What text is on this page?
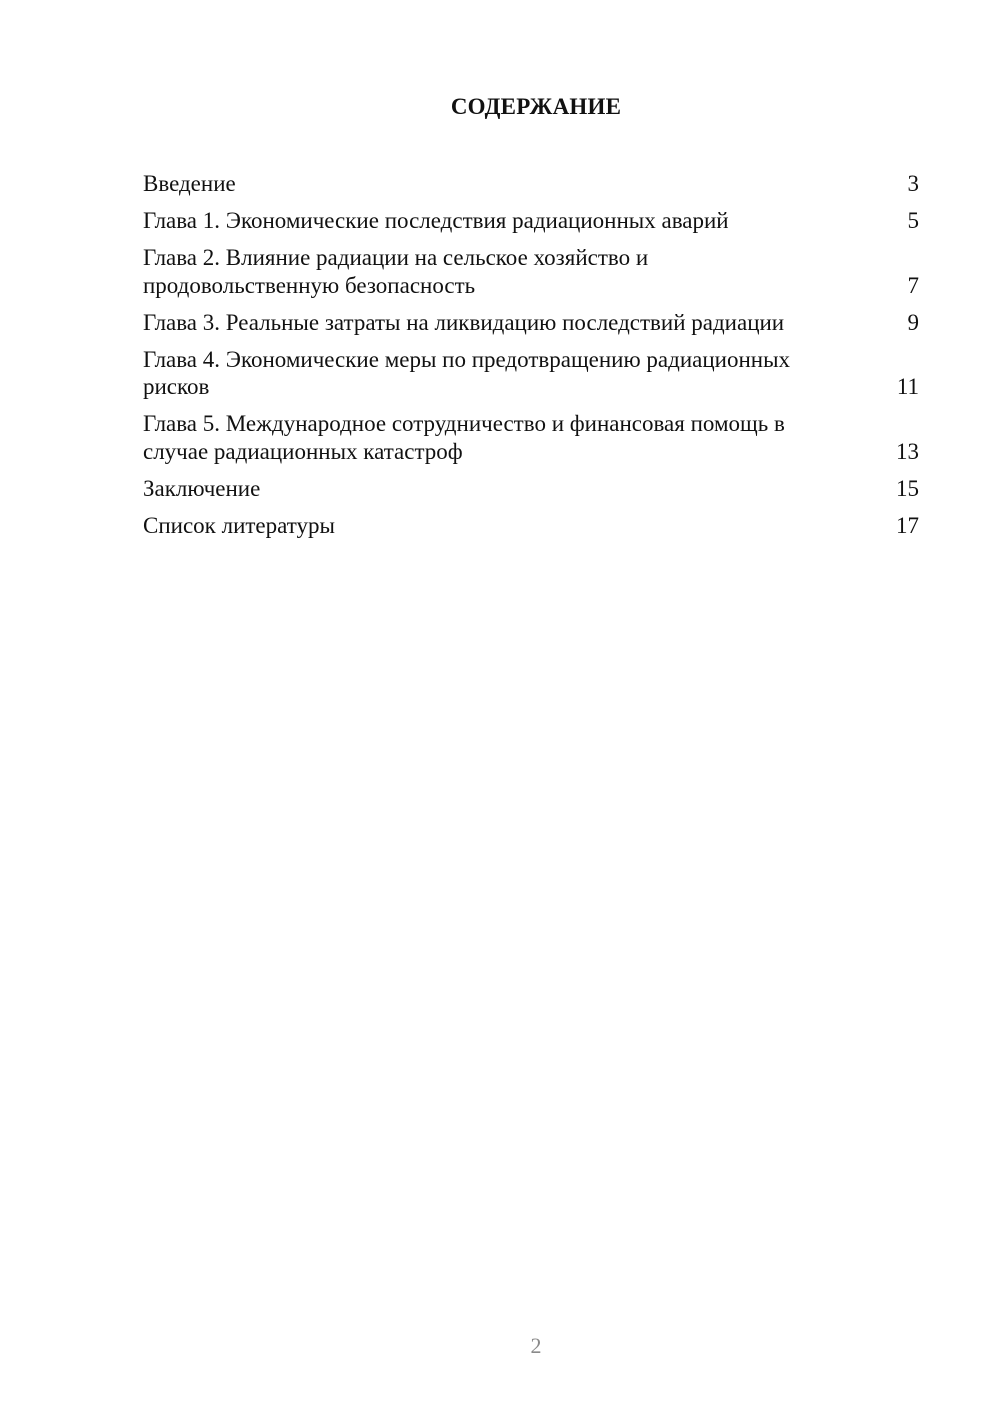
СОДЕРЖАНИЕ
Введение	3
Глава 1. Экономические последствия радиационных аварий	5
Глава 2. Влияние радиации на сельское хозяйство и продовольственную безопасность	7
Глава 3. Реальные затраты на ликвидацию последствий радиации	9
Глава 4. Экономические меры по предотвращению радиационных рисков	11
Глава 5. Международное сотрудничество и финансовая помощь в случае радиационных катастроф	13
Заключение	15
Список литературы	17
2
